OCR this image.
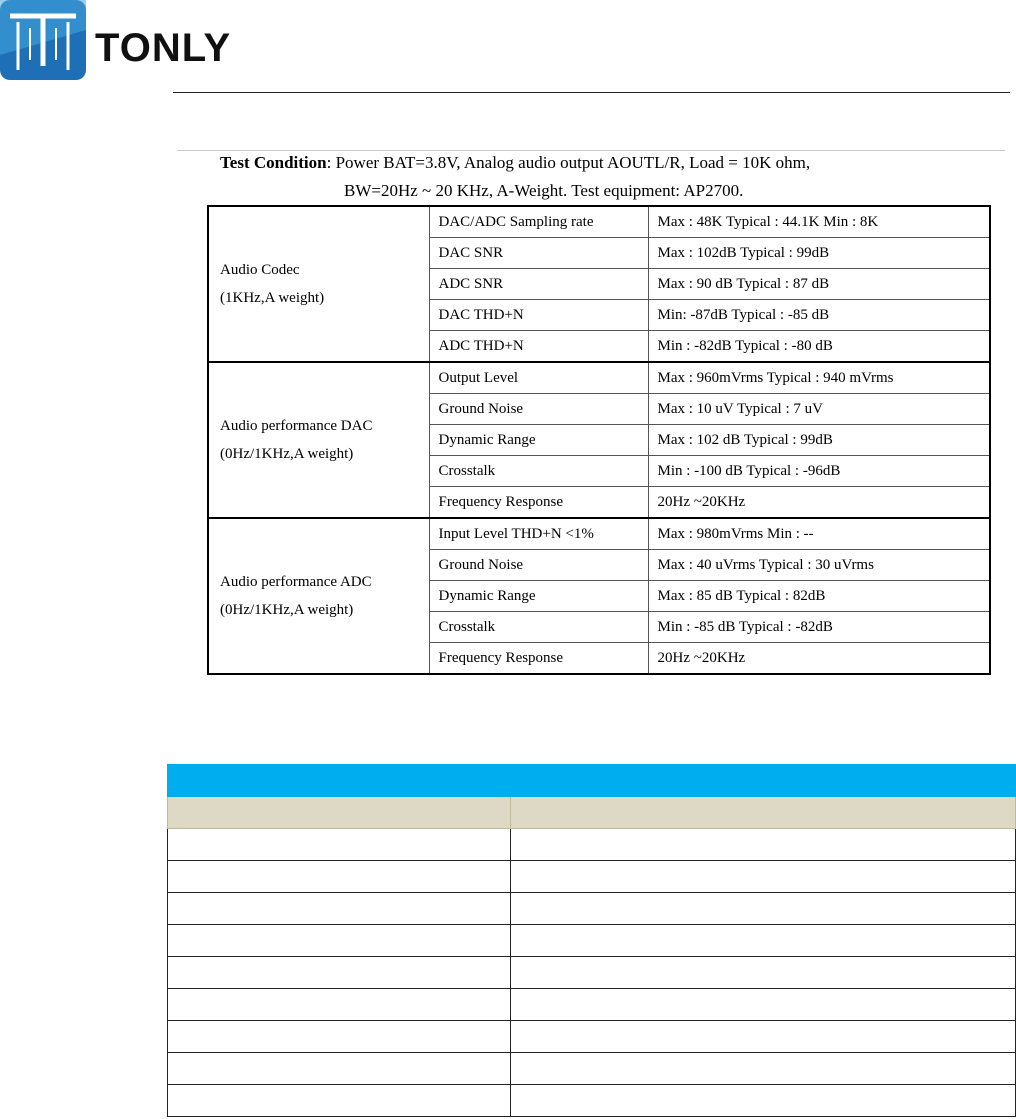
TONLY
Test Condition: Power BAT=3.8V, Analog audio output AOUTL/R, Load = 10K ohm,
BW=20Hz ~ 20 KHz, A-Weight. Test equipment: AP2700.
Audio Codec
(1KHz,A weight)	DAC/ADC Sampling rate	Max : 48K Typical : 44.1K Min : 8K
	DAC SNR	Max : 102dB Typical : 99dB
	ADC SNR	Max : 90 dB Typical : 87 dB
	DAC THD+N	Min: -87dB Typical : -85 dB
	ADC THD+N	Min : -82dB Typical : -80 dB
Audio performance DAC
(0Hz/1KHz,A weight)	Output Level	Max : 960mVrms Typical : 940 mVrms
	Ground Noise	Max : 10 uV Typical : 7 uV
	Dynamic Range	Max : 102 dB Typical : 99dB
	Crosstalk	Min : -100 dB Typical : -96dB
	Frequency Response	20Hz ~20KHz
Audio performance ADC
(0Hz/1KHz,A weight)	Input Level THD+N <1%	Max : 980mVrms Min : --
	Ground Noise	Max : 40 uVrms Typical : 30 uVrms
	Dynamic Range	Max : 85 dB Typical : 82dB
	Crosstalk	Min : -85 dB Typical : -82dB
	Frequency Response	20Hz ~20KHz
